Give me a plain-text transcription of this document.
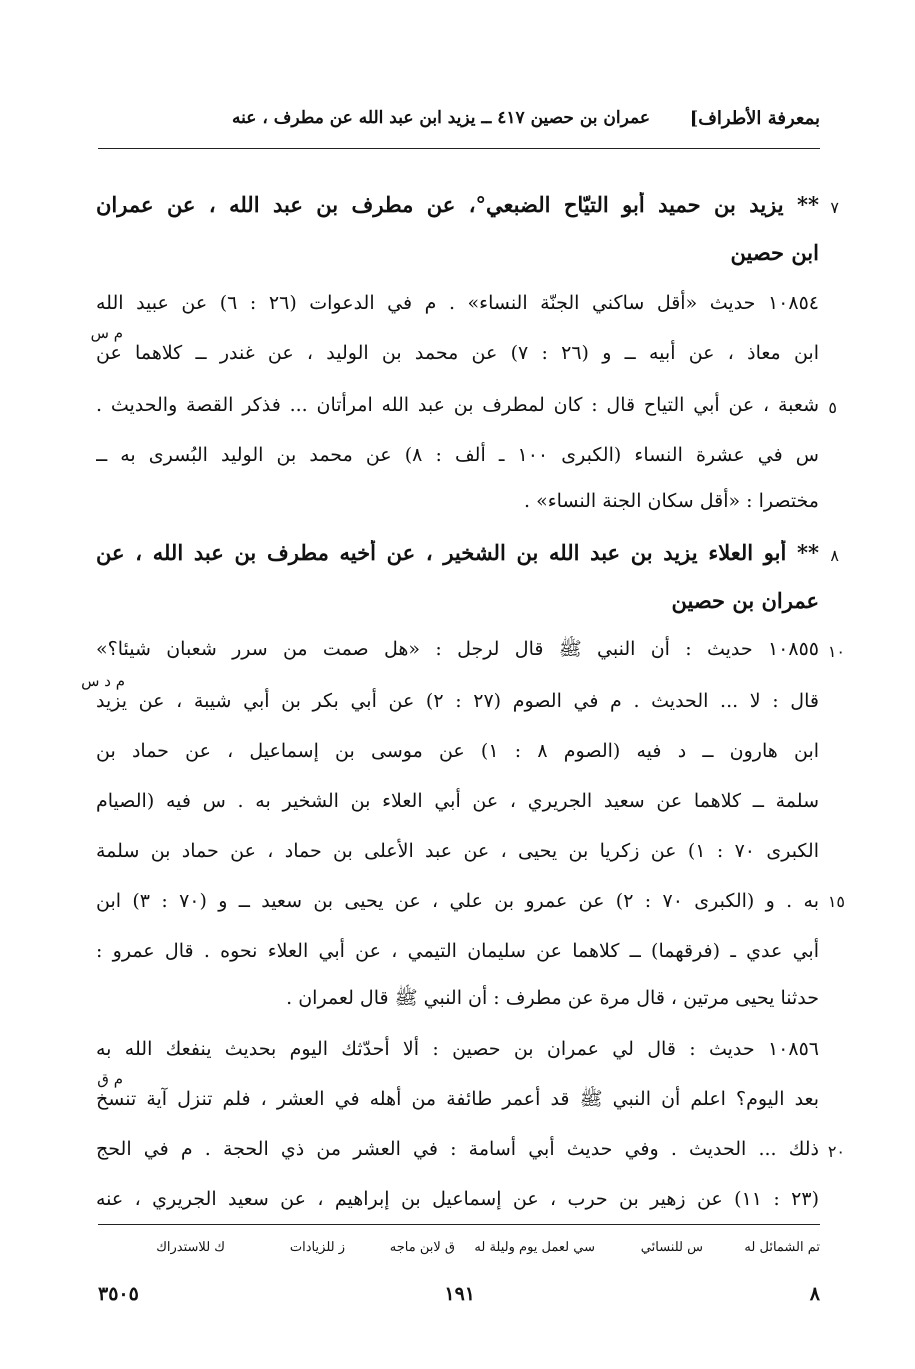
بمعرفة الأطراف]
عمران بن حصين ٤١٧ ــ يزيد ابن عبد الله عن مطرف ، عنه
٧
** يزيد بن حميد أبو التيّاح الضبعي°، عن مطرف بن عبد الله ، عن عمران
ابن حصين
١٠٨٥٤ حديث «أقل ساكني الجنّة النساء» . م في الدعوات (٢٦ : ٦) عن عبيد الله
ابن معاذ ، عن أبيه ــ و (٢٦ : ٧) عن محمد بن الوليد ، عن غندر ــ كلاهما عن
شعبة ، عن أبي التياح قال : كان لمطرف بن عبد الله امرأتان ... فذكر القصة والحديث .
س في عشرة النساء (الكبرى ١٠٠ ـ ألف : ٨) عن محمد بن الوليد البُسرى به ــ
مختصرا : «أقل سكان الجنة النساء» .
م س
٥
٨
** أبو العلاء يزيد بن عبد الله بن الشخير ، عن أخيه مطرف بن عبد الله ، عن
عمران بن حصين
١٠٨٥٥ حديث : أن النبي ﷺ قال لرجل : «هل صمت من سرر شعبان شيئا؟»
قال : لا ... الحديث . م في الصوم (٢٧ : ٢) عن أبي بكر بن أبي شيبة ، عن يزيد
ابن هارون ــ د فيه (الصوم ٨ : ١) عن موسى بن إسماعيل ، عن حماد بن
سلمة ــ كلاهما عن سعيد الجريري ، عن أبي العلاء بن الشخير به . س فيه (الصيام
الكبرى ٧٠ : ١) عن زكريا بن يحيى ، عن عبد الأعلى بن حماد ، عن حماد بن سلمة
به . و (الكبرى ٧٠ : ٢) عن عمرو بن علي ، عن يحيى بن سعيد ــ و (٧٠ : ٣) ابن
أبي عدي ـ (فرقهما) ــ كلاهما عن سليمان التيمي ، عن أبي العلاء نحوه . قال عمرو :
حدثنا يحيى مرتين ، قال مرة عن مطرف : أن النبي ﷺ قال لعمران .
م د س
١٠
١٥
١٠٨٥٦ حديث : قال لي عمران بن حصين : ألا أحدّثك اليوم بحديث ينفعك الله به
بعد اليوم؟ اعلم أن النبي ﷺ قد أعمر طائفة من أهله في العشر ، فلم تنزل آية تنسخ
ذلك ... الحديث . وفي حديث أبي أسامة : في العشر من ذي الحجة . م في الحج
(٢٣ : ١١) عن زهير بن حرب ، عن إسماعيل بن إبراهيم ، عن سعيد الجريري ، عنه
م ق
٢٠
تم الشمائل له
س للنسائي
سي لعمل يوم وليلة له
ق لابن ماجه
ز للزيادات
ك للاستدراك
٨
١٩١
٣٥٠٥
